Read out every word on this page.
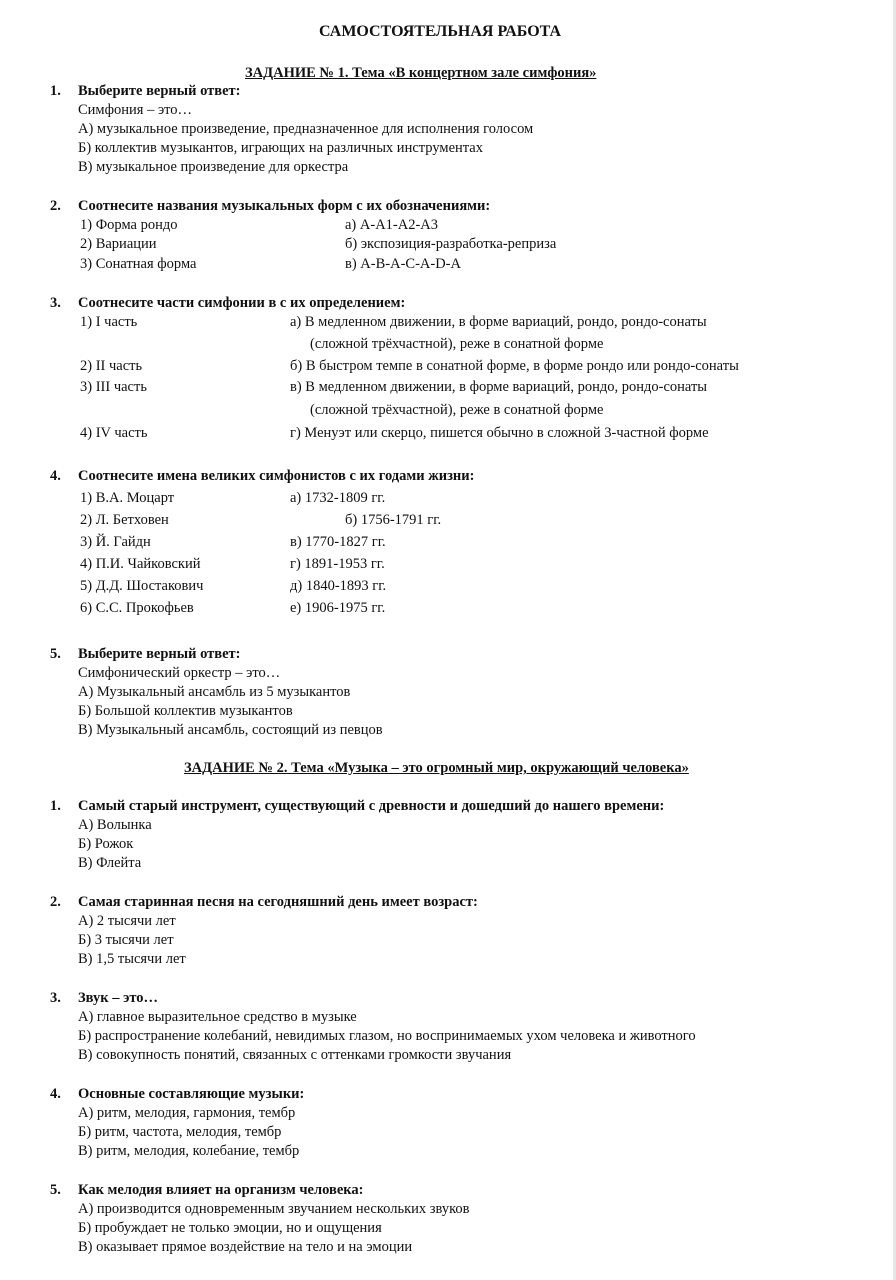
САМОСТОЯТЕЛЬНАЯ РАБОТА
ЗАДАНИЕ № 1. Тема «В концертном зале симфония»
1. Выберите верный ответ:
Симфония – это…
А) музыкальное произведение, предназначенное для исполнения голосом
Б) коллектив музыкантов, играющих на различных инструментах
В) музыкальное произведение для оркестра
2. Соотнесите названия музыкальных форм с их обозначениями:
1) Форма рондо
2) Вариации
3) Сонатная форма
а) А-А1-А2-А3
б) экспозиция-разработка-реприза
в) А-В-А-С-А-D-А
3. Соотнесите части симфонии в с их определением:
1) I часть
2) II часть
3) III часть
4) IV часть
а) В медленном движении, в форме вариаций, рондо, рондо-сонаты
(сложной трёхчастной), реже в сонатной форме
б) В быстром темпе в сонатной форме, в форме рондо или рондо-сонаты
в) В медленном движении, в форме вариаций, рондо, рондо-сонаты
(сложной трёхчастной), реже в сонатной форме
г) Менуэт или скерцо, пишется обычно в сложной 3-частной форме
4. Соотнесите имена великих симфонистов с их годами жизни:
1) В.А. Моцарт
2) Л. Бетховен
3) Й. Гайдн
4) П.И. Чайковский
5) Д.Д. Шостакович
6) С.С. Прокофьев
а) 1732-1809 гг.
б) 1756-1791 гг.
в) 1770-1827 гг.
г) 1891-1953 гг.
д) 1840-1893 гг.
е) 1906-1975 гг.
5. Выберите верный ответ:
Симфонический оркестр – это…
А) Музыкальный ансамбль из 5 музыкантов
Б) Большой коллектив музыкантов
В) Музыкальный ансамбль, состоящий из певцов
ЗАДАНИЕ № 2. Тема «Музыка – это огромный мир, окружающий человека»
1. Самый старый инструмент, существующий с древности и дошедший до нашего времени:
А) Волынка
Б) Рожок
В) Флейта
2. Самая старинная песня на сегодняшний день имеет возраст:
А) 2 тысячи лет
Б) 3 тысячи лет
В) 1,5 тысячи лет
3. Звук – это…
А) главное выразительное средство в музыке
Б) распространение колебаний, невидимых глазом, но воспринимаемых ухом человека и животного
В) совокупность понятий, связанных с оттенками громкости звучания
4. Основные составляющие музыки:
А) ритм, мелодия, гармония, тембр
Б) ритм, частота, мелодия, тембр
В) ритм, мелодия, колебание, тембр
5. Как мелодия влияет на организм человека:
А) производится одновременным звучанием нескольких звуков
Б) пробуждает не только эмоции, но и ощущения
В) оказывает прямое воздействие на тело и на эмоции
